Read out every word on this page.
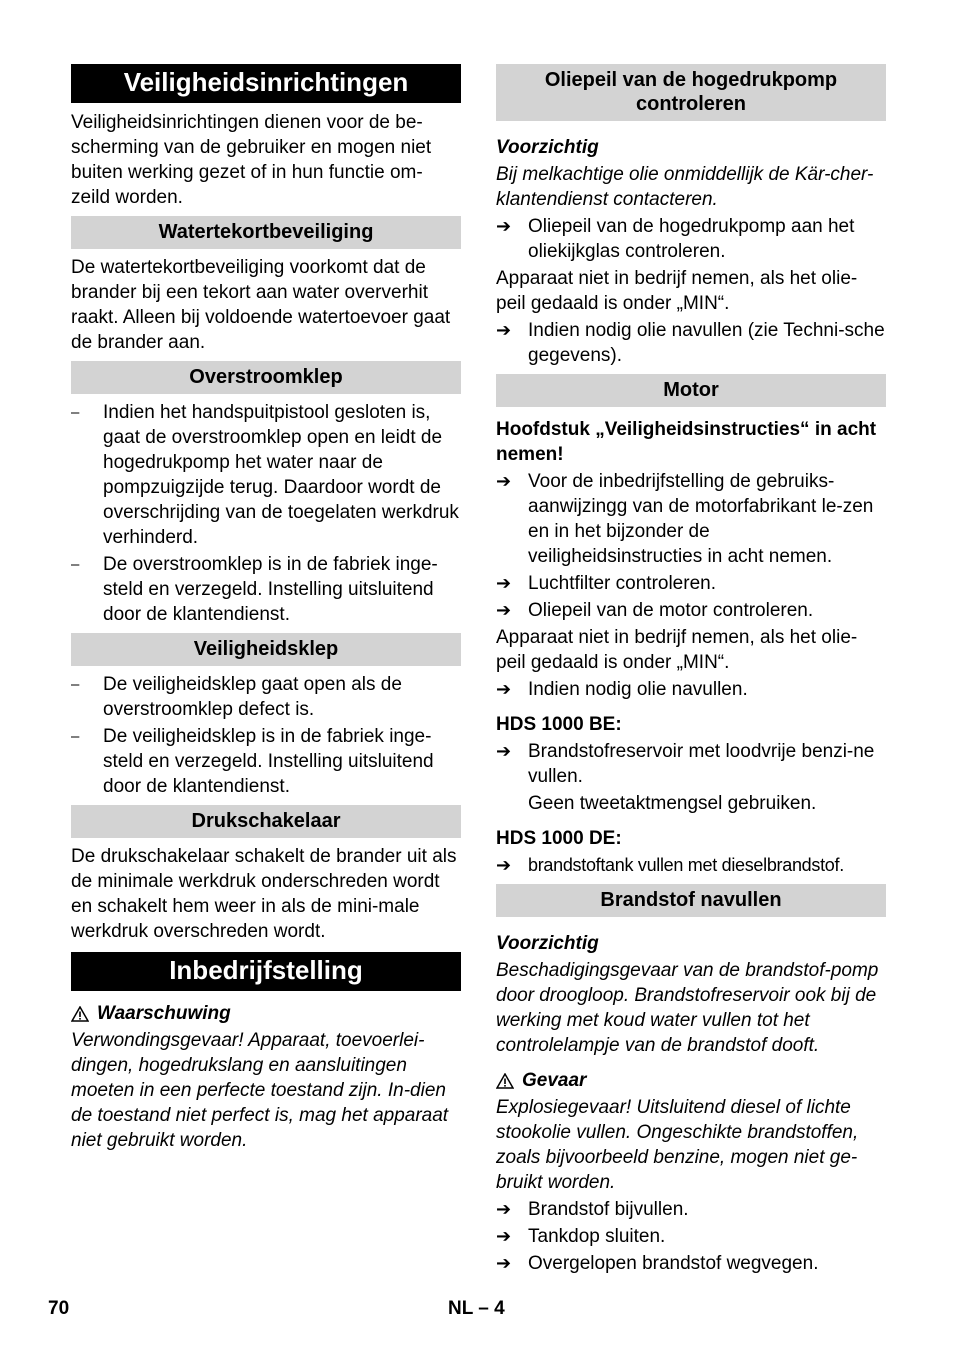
Veiligheidsinrichtingen
Veiligheidsinrichtingen dienen voor de be-scherming van de gebruiker en mogen niet buiten werking gezet of in hun functie om-zeild worden.
Watertekortbeveiliging
De watertekortbeveiliging voorkomt dat de brander bij een tekort aan water oververhit raakt. Alleen bij voldoende watertoevoer gaat de brander aan.
Overstroomklep
–	Indien het handspuitpistool gesloten is, gaat de overstroomklep open en leidt de hogedrukpomp het water naar de pompzuigzijde terug. Daardoor wordt de overschrijding van de toegelaten werkdruk verhinderd.
–	De overstroomklep is in de fabriek inge-steld en verzegeld. Instelling uitsluitend door de klantendienst.
Veiligheidsklep
–	De veiligheidsklep gaat open als de overstroomklep defect is.
–	De veiligheidsklep is in de fabriek inge-steld en verzegeld. Instelling uitsluitend door de klantendienst.
Drukschakelaar
De drukschakelaar schakelt de brander uit als de minimale werkdruk onderschreden wordt en schakelt hem weer in als de mini-male werkdruk overschreden wordt.
Inbedrijfstelling
Waarschuwing
Verwondingsgevaar! Apparaat, toevoerlei-dingen, hogedrukslang en aansluitingen moeten in een perfecte toestand zijn. In-dien de toestand niet perfect is, mag het apparaat niet gebruikt worden.
Oliepeil van de hogedrukpomp controleren
Voorzichtig
Bij melkachtige olie onmiddellijk de Kär-cher-klantendienst contacteren.
➔ Oliepeil van de hogedrukpomp aan het oliekijkglas controleren.
Apparaat niet in bedrijf nemen, als het olie-peil gedaald is onder „MIN“.
➔ Indien nodig olie navullen (zie Techni-sche gegevens).
Motor
Hoofdstuk „Veiligheidsinstructies“ in acht nemen!
➔ Voor de inbedrijfstelling de gebruiks-aanwijzingg van de motorfabrikant le-zen en in het bijzonder de veiligheidsinstructies in acht nemen.
➔ Luchtfilter controleren.
➔ Oliepeil van de motor controleren.
Apparaat niet in bedrijf nemen, als het olie-peil gedaald is onder „MIN“.
➔ Indien nodig olie navullen.
HDS 1000 BE:
➔ Brandstofreservoir met loodvrije benzi-ne vullen.
Geen tweetaktmengsel gebruiken.
HDS 1000 DE:
➔ brandstoftank vullen met dieselbrandstof.
Brandstof navullen
Voorzichtig
Beschadigingsgevaar van de brandstof-pomp door droogloop. Brandstofreservoir ook bij de werking met koud water vullen tot het controlelampje van de brandstof dooft.
Gevaar
Explosiegevaar! Uitsluitend diesel of lichte stookolie vullen. Ongeschikte brandstoffen, zoals bijvoorbeeld benzine, mogen niet ge-bruikt worden.
➔ Brandstof bijvullen.
➔ Tankdop sluiten.
➔ Overgelopen brandstof wegvegen.
70	NL – 4
